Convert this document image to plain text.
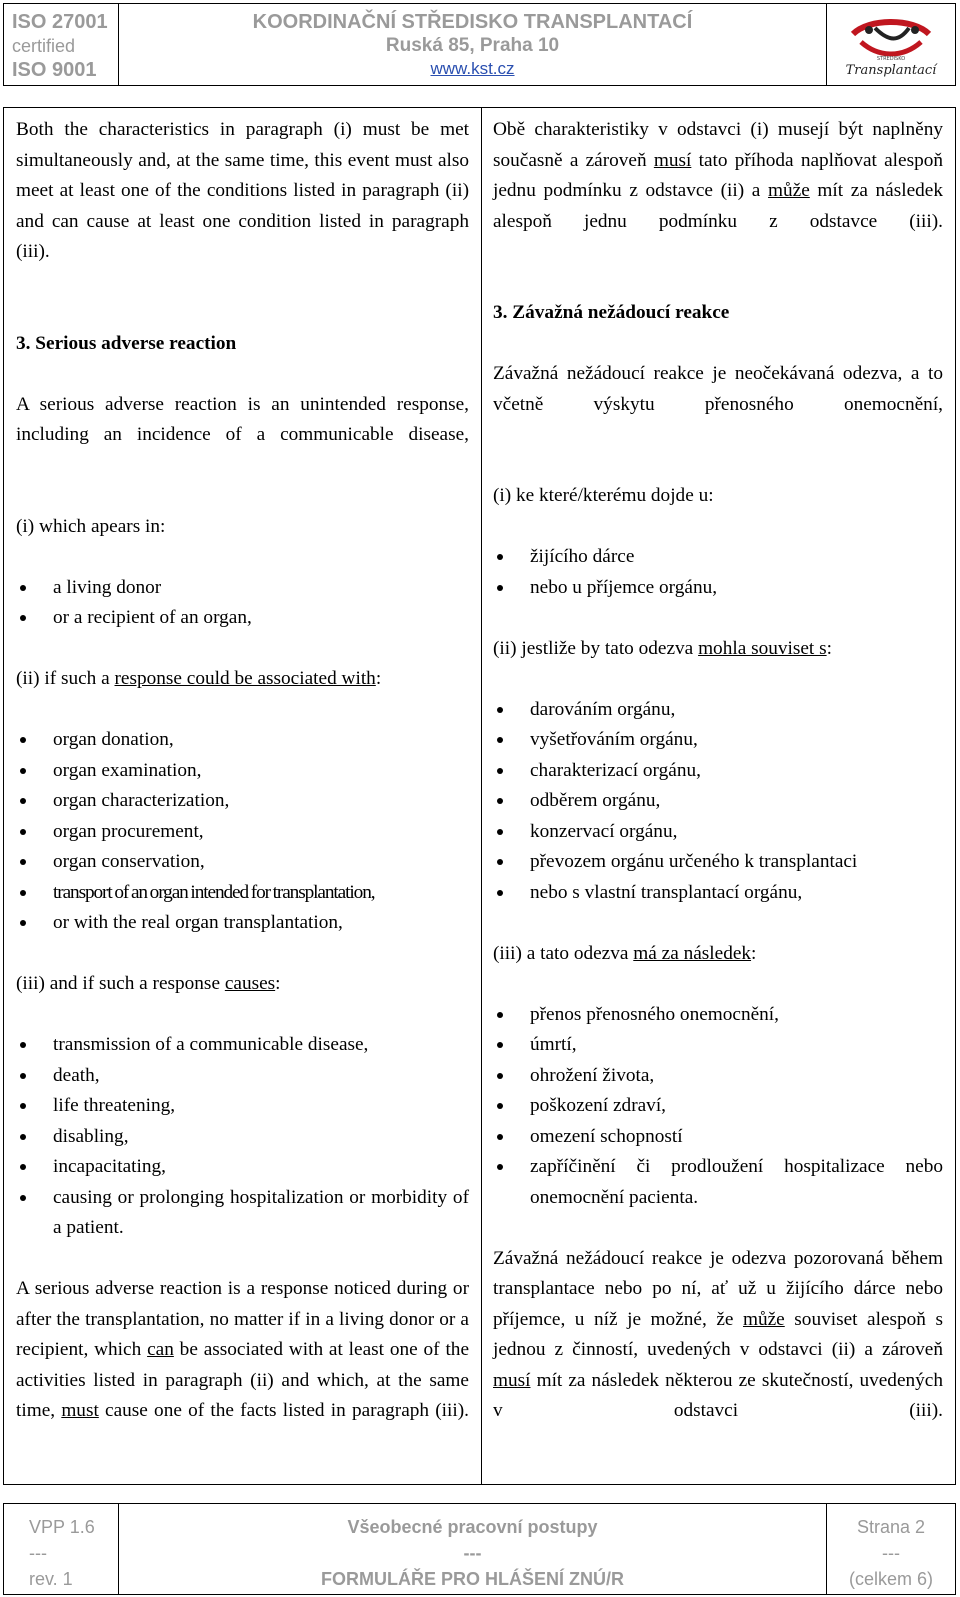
ISO 27001
certified
ISO 9001
KOORDINAČNÍ STŘEDISKO TRANSPLANTACÍ
Ruská 85, Praha 10
www.kst.cz
STŘEDISKO
Transplantací

Both the characteristics in paragraph (i) must be met simultaneously and, at the same time, this event must also meet at least one of the conditions listed in paragraph (ii) and can cause at least one condition listed in paragraph (iii).

3. Serious adverse reaction

A serious adverse reaction is an unintended response, including an incidence of a communicable disease,

(i) which apears in:

a living donor
or a recipient of an organ,

(ii) if such a response could be associated with:

organ donation,
organ examination,
organ characterization,
organ procurement,
organ conservation,
transport of an organ intended for transplantation,
or with the real organ transplantation,

(iii) and if such a response causes:

transmission of a communicable disease,
death,
life threatening,
disabling,
incapacitating,
causing or prolonging hospitalization or morbidity of a patient.

A serious adverse reaction is a response noticed during or after the transplantation, no matter if in a living donor or a recipient, which can be associated with at least one of the activities listed in paragraph (ii) and which, at the same time, must cause one of the facts listed in paragraph (iii).

Obě charakteristiky v odstavci (i) musejí být naplněny současně a zároveň musí tato příhoda naplňovat alespoň jednu podmínku z odstavce (ii) a může mít za následek alespoň jednu podmínku z odstavce (iii).

3. Závažná nežádoucí reakce

Závažná nežádoucí reakce je neočekávaná odezva, a to včetně výskytu přenosného onemocnění,

(i) ke které/kterému dojde u:

žijícího dárce
nebo u příjemce orgánu,

(ii) jestliže by tato odezva mohla souviset s:

darováním orgánu,
vyšetřováním orgánu,
charakterizací orgánu,
odběrem orgánu,
konzervací orgánu,
převozem orgánu určeného k transplantaci
nebo s vlastní transplantací orgánu,

(iii) a tato odezva má za následek:

přenos přenosného onemocnění,
úmrtí,
ohrožení života,
poškození zdraví,
omezení schopností
zapříčinění či prodloužení hospitalizace nebo onemocnění pacienta.

Závažná nežádoucí reakce je odezva pozorovaná během transplantace nebo po ní, ať už u žijícího dárce nebo příjemce, u níž je možné, že může souviset alespoň s jednou z činností, uvedených v odstavci (ii) a zároveň musí mít za následek některou ze skutečností, uvedených v odstavci (iii).

VPP 1.6
---
rev. 1
Všeobecné pracovní postupy
---
FORMULÁŘE PRO HLÁŠENÍ ZNÚ/R
Strana 2
---
(celkem 6)
